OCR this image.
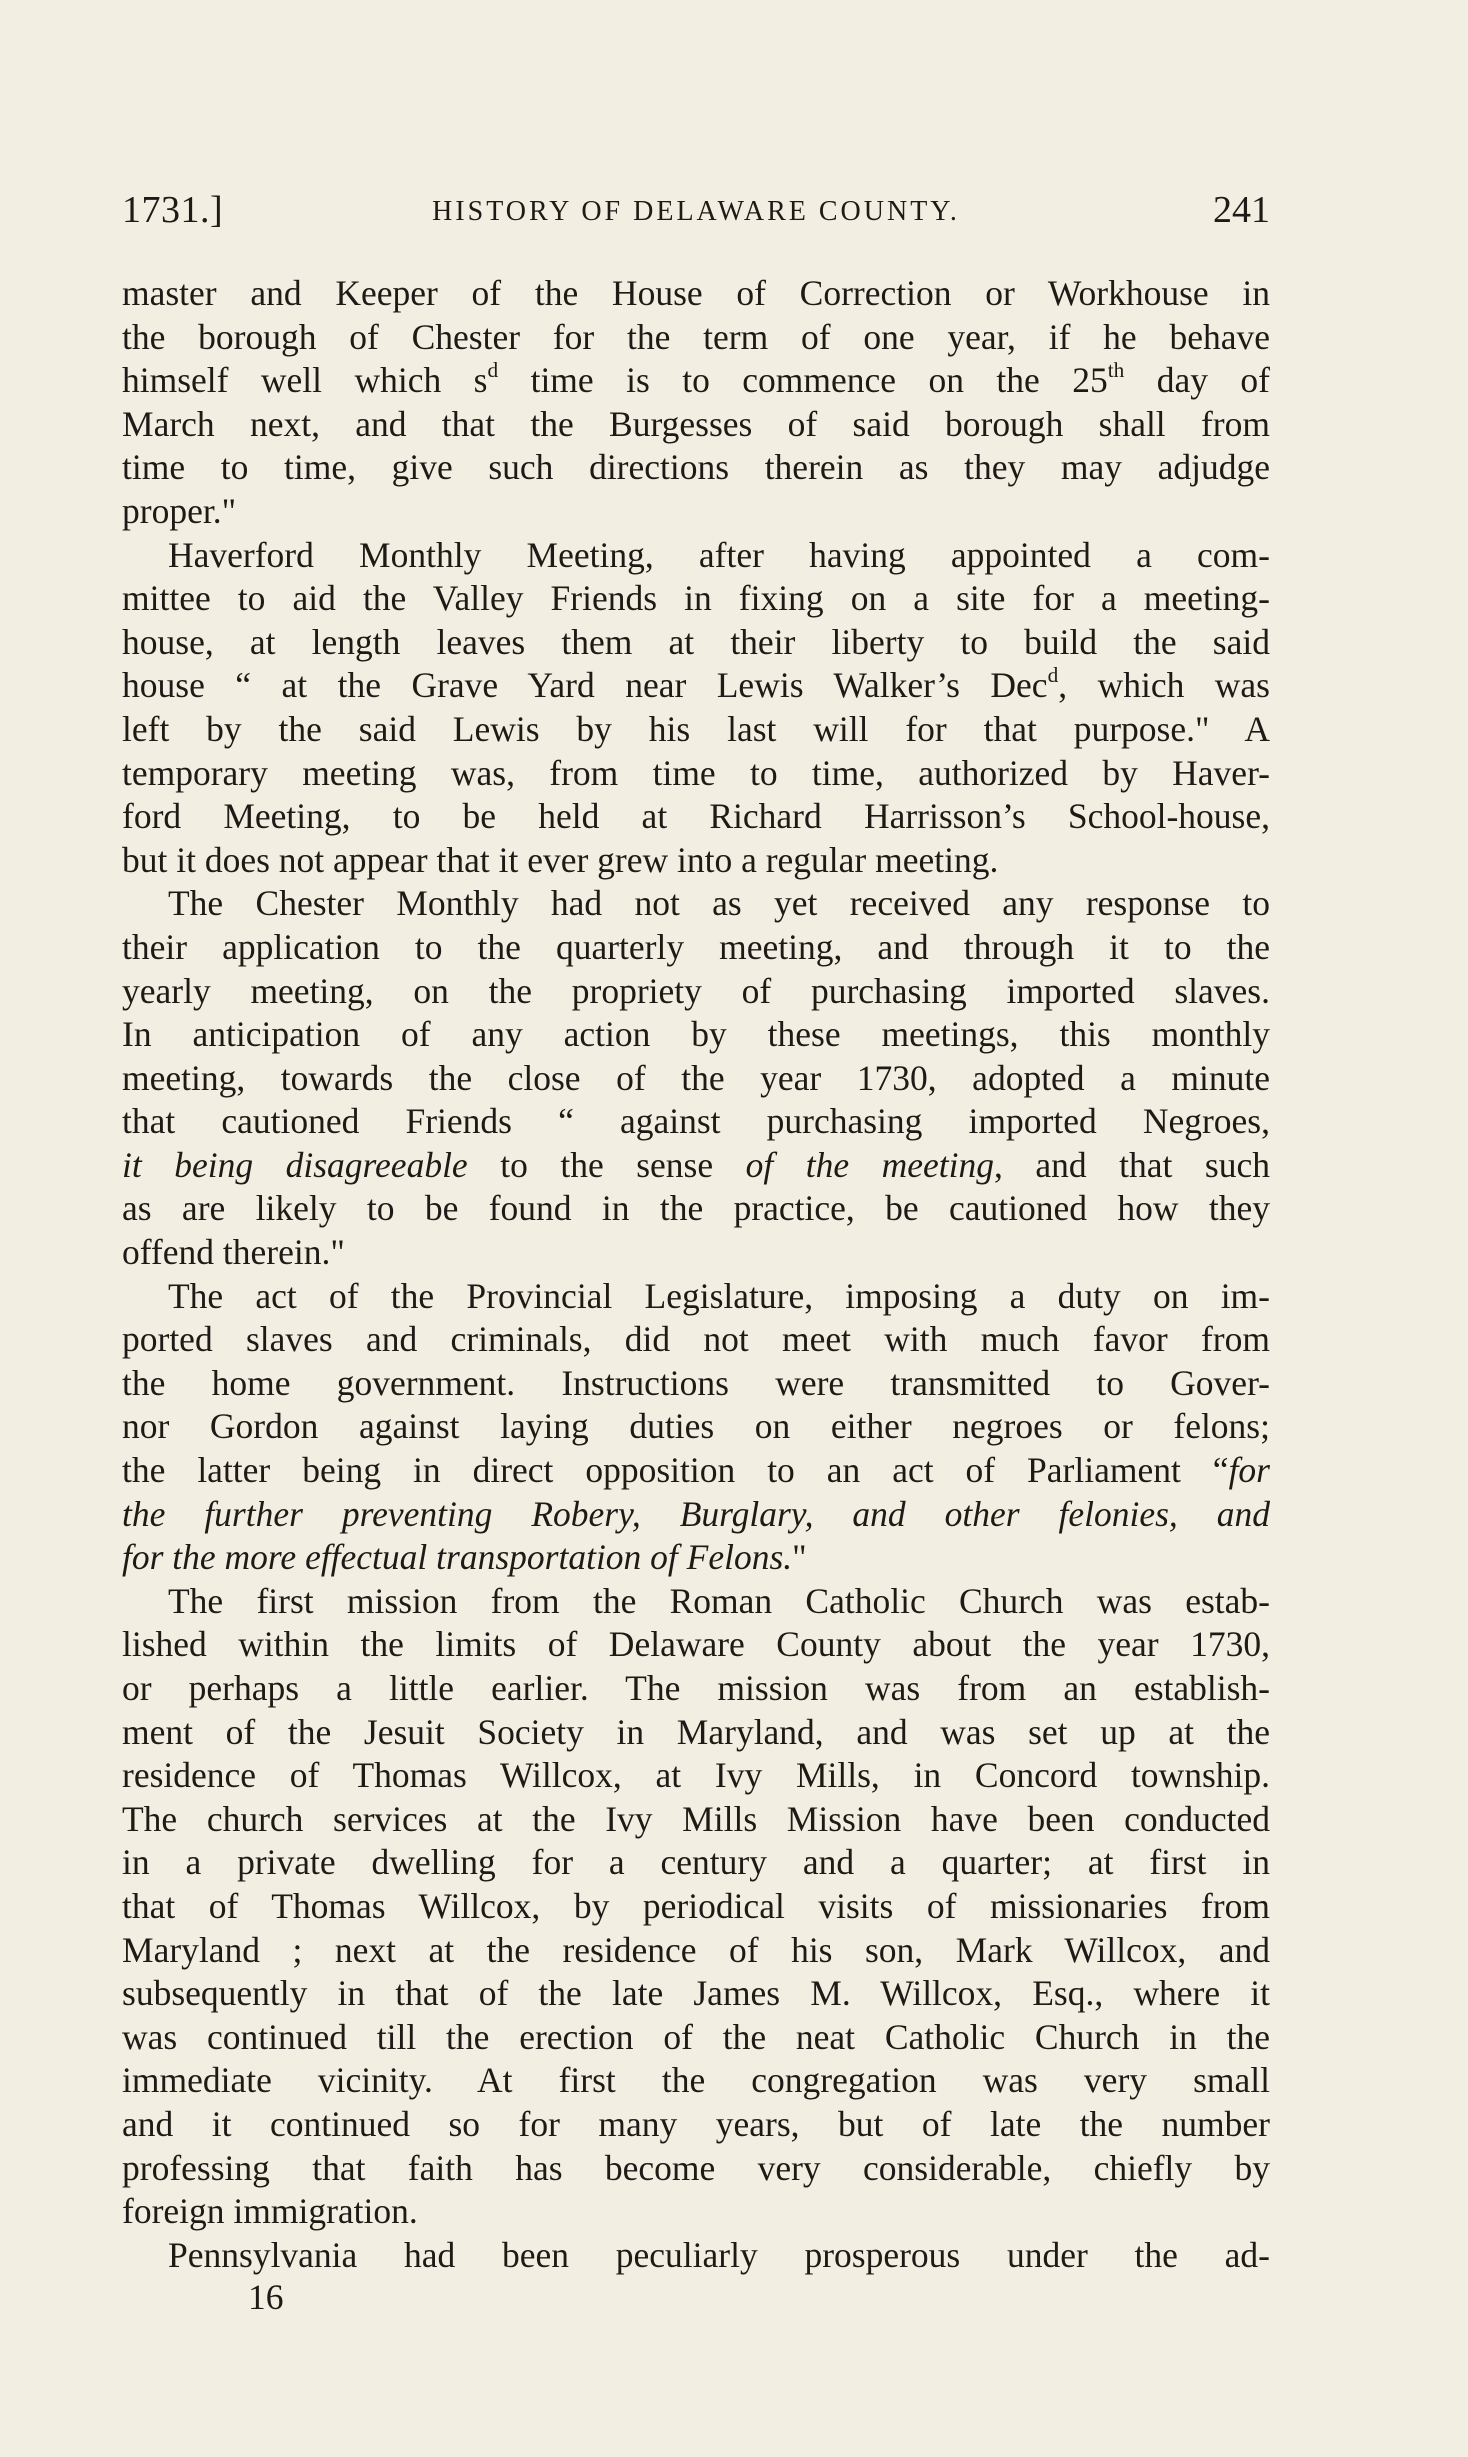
1731.]	HISTORY OF DELAWARE COUNTY.	241
master and Keeper of the House of Correction or Workhouse in
the borough of Chester for the term of one year, if he behave
himself well which $s^d$ time is to commence on the 25th day of
March next, and that the Burgesses of said borough shall from
time to time, give such directions therein as they may adjudge
proper."
Haverford Monthly Meeting, after having appointed a com-
mittee to aid the Valley Friends in fixing on a site for a meeting-
house, at length leaves them at their liberty to build the said
house “ at the Grave Yard near Lewis Walker’s Dec$^d$, which was
left by the said Lewis by his last will for that purpose." A
temporary meeting was, from time to time, authorized by Haver-
ford Meeting, to be held at Richard Harrisson’s School-house,
but it does not appear that it ever grew into a regular meeting.
The Chester Monthly had not as yet received any response to
their application to the quarterly meeting, and through it to the
yearly meeting, on the propriety of purchasing imported slaves.
In anticipation of any action by these meetings, this monthly
meeting, towards the close of the year 1730, adopted a minute
that cautioned Friends “ against purchasing imported Negroes,
it being disagreeable to the sense of the meeting, and that such
as are likely to be found in the practice, be cautioned how they
offend therein."
The act of the Provincial Legislature, imposing a duty on im-
ported slaves and criminals, did not meet with much favor from
the home government. Instructions were transmitted to Gover-
nor Gordon against laying duties on either negroes or felons;
the latter being in direct opposition to an act of Parliament “for
the further preventing Robery, Burglary, and other felonies, and
for the more effectual transportation of Felons."
The first mission from the Roman Catholic Church was estab-
lished within the limits of Delaware County about the year 1730,
or perhaps a little earlier. The mission was from an establish-
ment of the Jesuit Society in Maryland, and was set up at the
residence of Thomas Willcox, at Ivy Mills, in Concord township.
The church services at the Ivy Mills Mission have been conducted
in a private dwelling for a century and a quarter; at first in
that of Thomas Willcox, by periodical visits of missionaries from
Maryland ; next at the residence of his son, Mark Willcox, and
subsequently in that of the late James M. Willcox, Esq., where it
was continued till the erection of the neat Catholic Church in the
immediate vicinity. At first the congregation was very small
and it continued so for many years, but of late the number
professing that faith has become very considerable, chiefly by
foreign immigration.
Pennsylvania had been peculiarly prosperous under the ad-
16
